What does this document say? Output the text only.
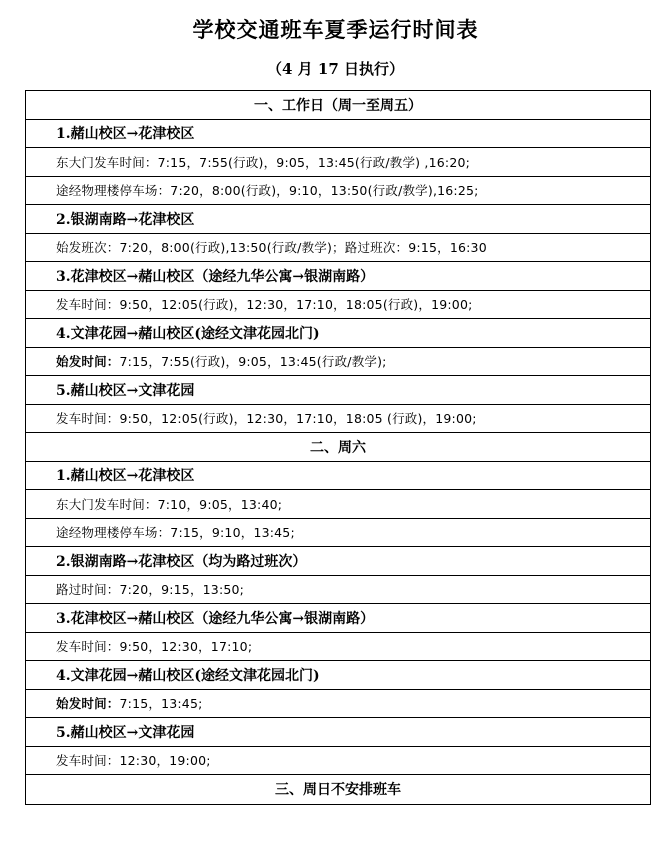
学校交通班车夏季运行时间表
（4 月 17 日执行）
一、工作日（周一至周五）
1.赭山校区→花津校区
东大门发车时间：7:15，7:55(行政)，9:05，13:45(行政/教学) ,16:20;
途经物理楼停车场：7:20，8:00(行政)，9:10，13:50(行政/教学),16:25;
2.银湖南路→花津校区
始发班次：7:20，8:00(行政),13:50(行政/教学)；路过班次：9:15，16:30
3.花津校区→赭山校区（途经九华公寓→银湖南路）
发车时间：9:50，12:05(行政)，12:30，17:10，18:05(行政)，19:00;
4.文津花园→赭山校区(途经文津花园北门)
始发时间： 7:15，7:55(行政)，9:05，13:45(行政/教学);
5.赭山校区→文津花园
发车时间：9:50，12:05(行政)，12:30，17:10，18:05 (行政)，19:00;
二、周六
1.赭山校区→花津校区
东大门发车时间：7:10，9:05，13:40;
途经物理楼停车场：7:15，9:10，13:45;
2.银湖南路→花津校区（均为路过班次）
路过时间：7:20，9:15，13:50;
3.花津校区→赭山校区（途经九华公寓→银湖南路）
发车时间：9:50，12:30，17:10;
4.文津花园→赭山校区(途经文津花园北门)
始发时间： 7:15，13:45;
5.赭山校区→文津花园
发车时间：12:30，19:00;
三、周日不安排班车
